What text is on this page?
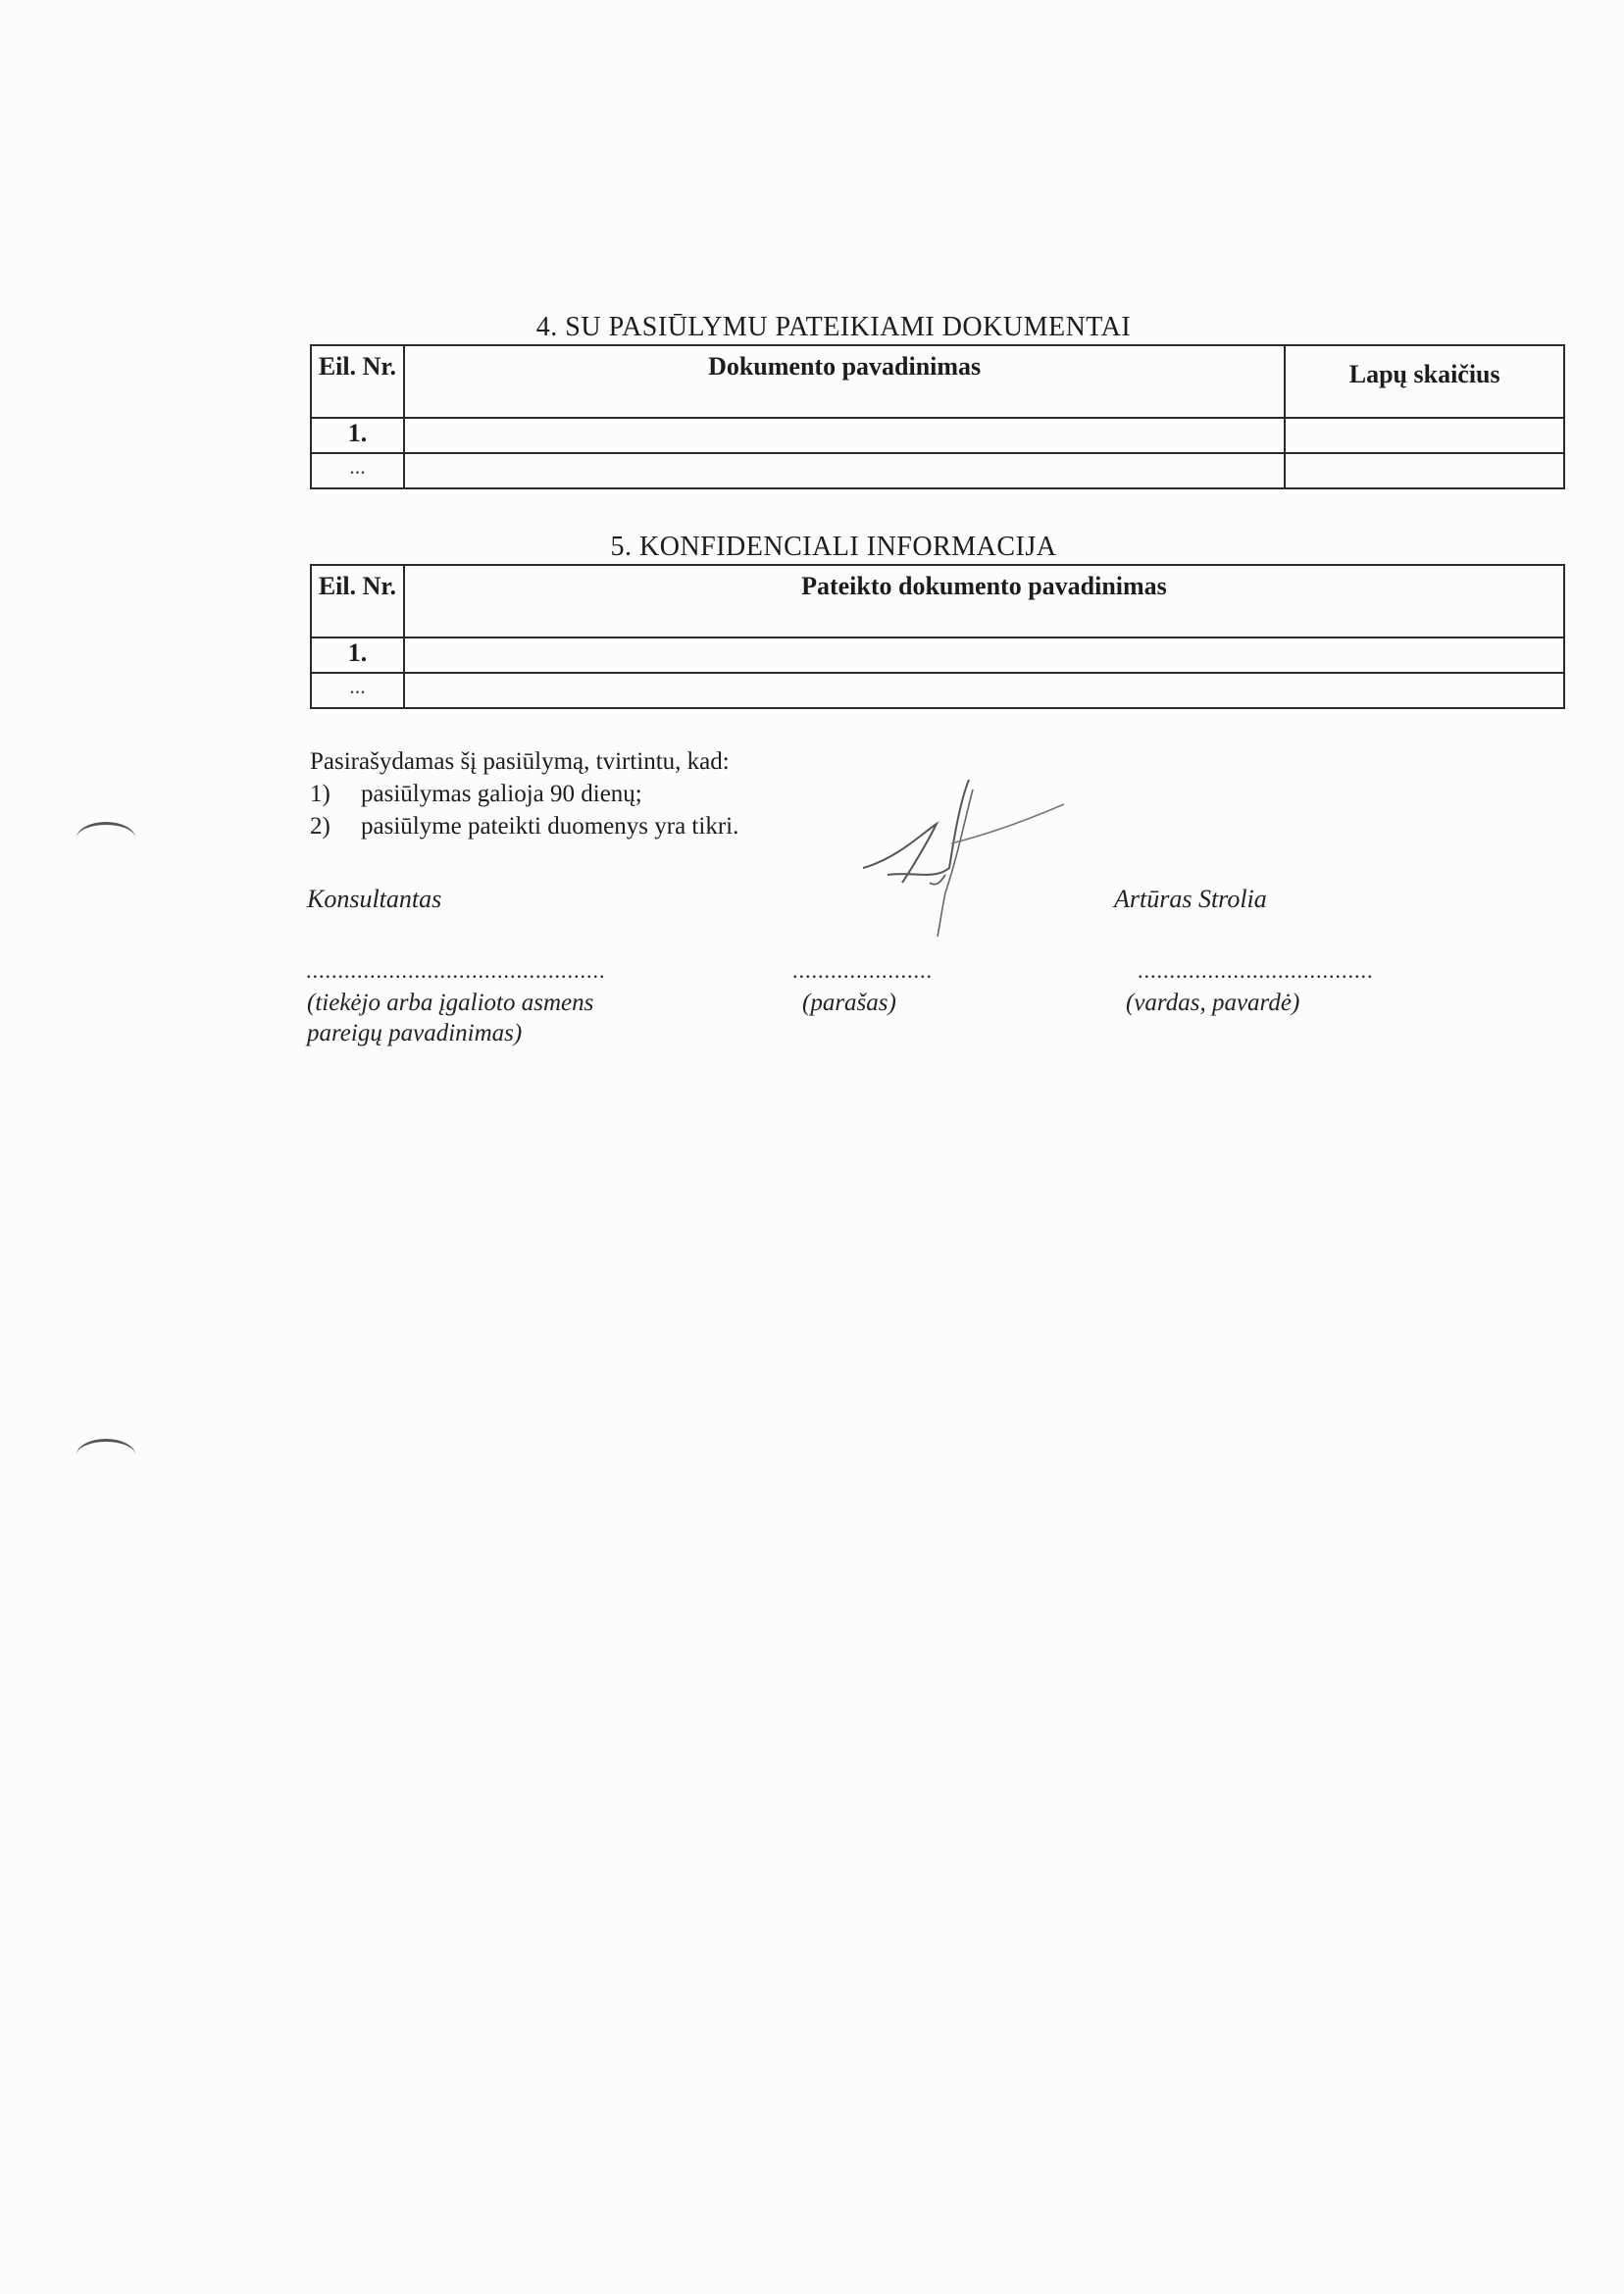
4. SU PASIŪLYMU PATEIKIAMI DOKUMENTAI
Eil. Nr.	Dokumento pavadinimas	Lapų skaičius
1.		
...		
5. KONFIDENCIALI INFORMACIJA
Eil. Nr.	Pateikto dokumento pavadinimas
1.	
...	
Pasirašydamas šį pasiūlymą, tvirtintu, kad:
1)	pasiūlymas galioja 90 dienų;
2)	pasiūlyme pateikti duomenys yra tikri.
Konsultantas	Artūras Strolia
...............................................	......................	.....................................
(tiekėjo arba įgalioto asmens
pareigų pavadinimas)
(parašas)	(vardas, pavardė)
